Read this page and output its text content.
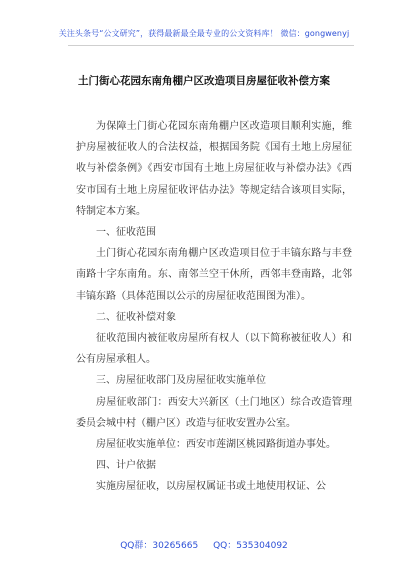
关注头条号“公文研究”，获得最新最全最专业的公文资料库！ 微信：gongwenyj
土门街心花园东南角棚户区改造项目房屋征收补偿方案

为保障土门街心花园东南角棚户区改造项目顺利实施，维护房屋被征收人的合法权益，根据国务院《国有土地上房屋征收与补偿条例》《西安市国有土地上房屋征收与补偿办法》《西安市国有土地上房屋征收评估办法》等规定结合该项目实际，特制定本方案。

一、征收范围

土门街心花园东南角棚户区改造项目位于丰镐东路与丰登南路十字东南角。东、南邻兰空干休所，西邻丰登南路，北邻丰镐东路（具体范围以公示的房屋征收范围图为准）。

二、征收补偿对象

征收范围内被征收房屋所有权人（以下简称被征收人）和公有房屋承租人。

三、房屋征收部门及房屋征收实施单位

房屋征收部门：西安大兴新区（土门地区）综合改造管理委员会城中村（棚户区）改造与征收安置办公室。

房屋征收实施单位：西安市莲湖区桃园路街道办事处。

四、计户依据

实施房屋征收，以房屋权属证书或土地使用权证、公

QQ群：30265665 QQ：535304092
